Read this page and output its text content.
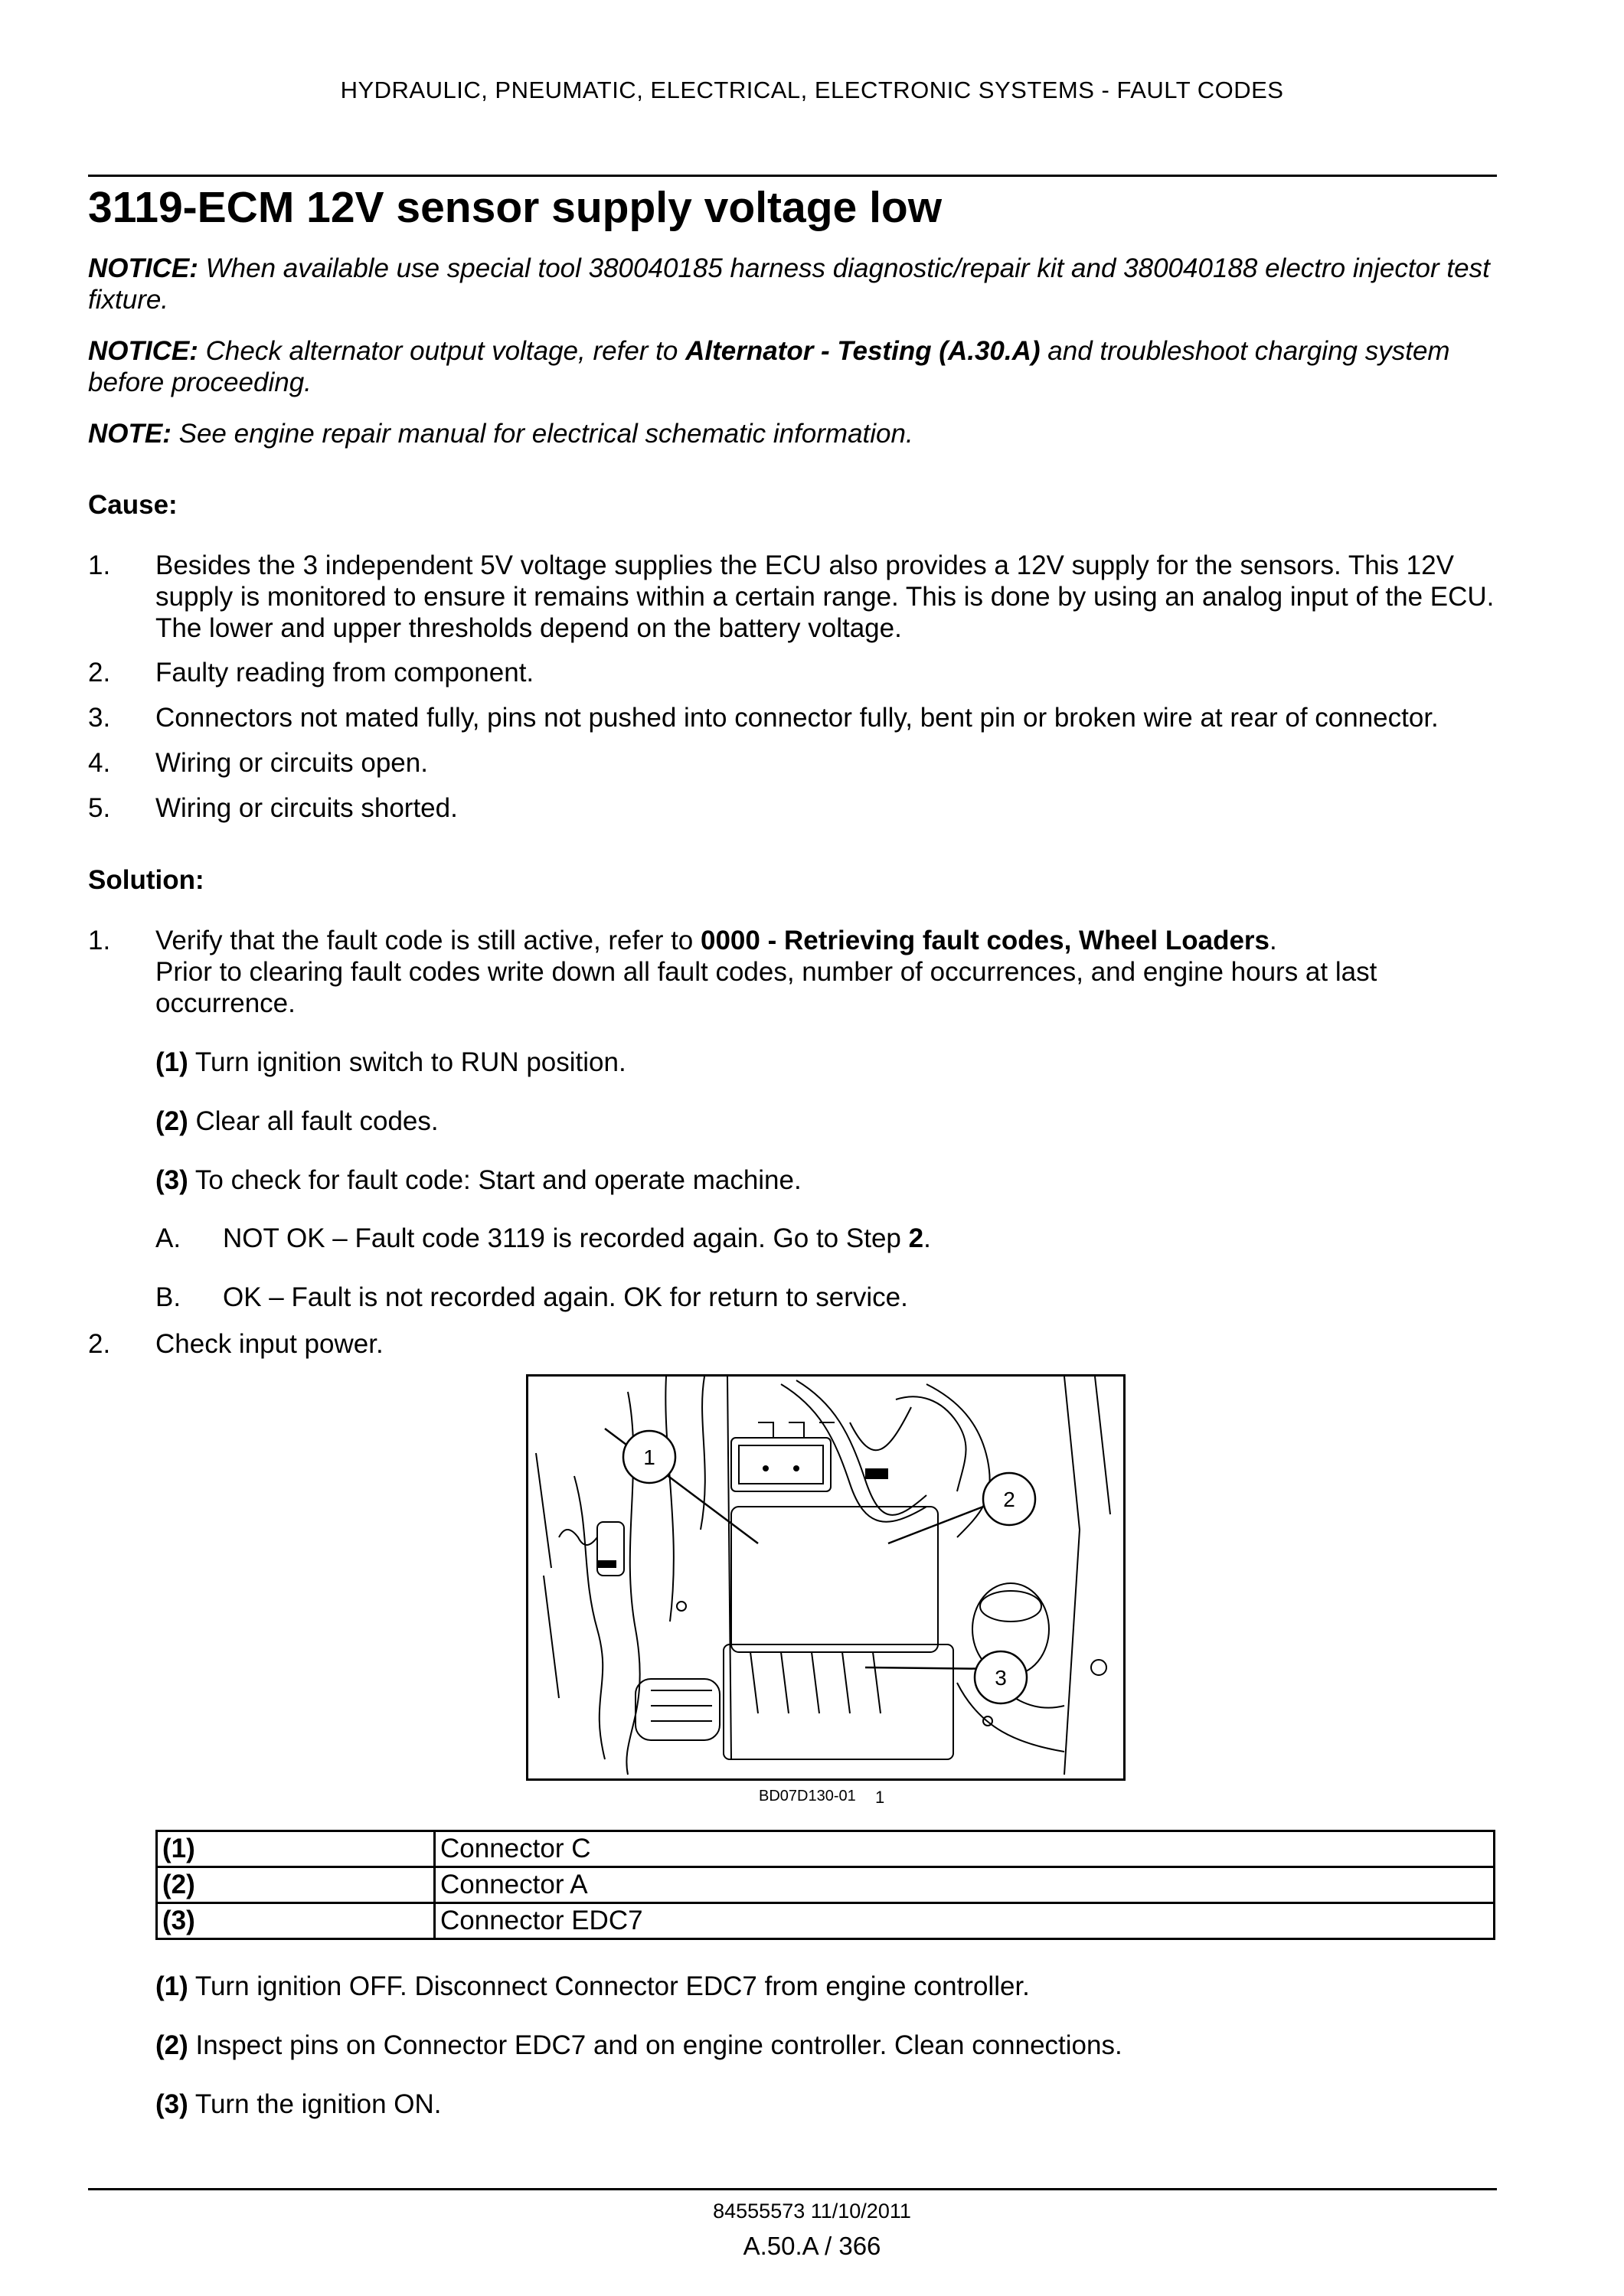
HYDRAULIC, PNEUMATIC, ELECTRICAL, ELECTRONIC SYSTEMS - FAULT CODES
3119-ECM 12V sensor supply voltage low
NOTICE: When available use special tool 380040185 harness diagnostic/repair kit and 380040188 electro injector test fixture.
NOTICE: Check alternator output voltage, refer to Alternator - Testing (A.30.A) and troubleshoot charging system before proceeding.
NOTE: See engine repair manual for electrical schematic information.
Cause:
1. Besides the 3 independent 5V voltage supplies the ECU also provides a 12V supply for the sensors. This 12V supply is monitored to ensure it remains within a certain range. This is done by using an analog input of the ECU. The lower and upper thresholds depend on the battery voltage.
2. Faulty reading from component.
3. Connectors not mated fully, pins not pushed into connector fully, bent pin or broken wire at rear of connector.
4. Wiring or circuits open.
5. Wiring or circuits shorted.
Solution:
1. Verify that the fault code is still active, refer to 0000 - Retrieving fault codes, Wheel Loaders.
Prior to clearing fault codes write down all fault codes, number of occurrences, and engine hours at last occurrence.
(1) Turn ignition switch to RUN position.
(2) Clear all fault codes.
(3) To check for fault code: Start and operate machine.
A. NOT OK – Fault code 3119 is recorded again. Go to Step 2.
B. OK – Fault is not recorded again. OK for return to service.
2. Check input power.
1
2
3
BD07D130-01 1
(1)	Connector C
(2)	Connector A
(3)	Connector EDC7
(1) Turn ignition OFF. Disconnect Connector EDC7 from engine controller.
(2) Inspect pins on Connector EDC7 and on engine controller. Clean connections.
(3) Turn the ignition ON.
84555573 11/10/2011
A.50.A / 366
